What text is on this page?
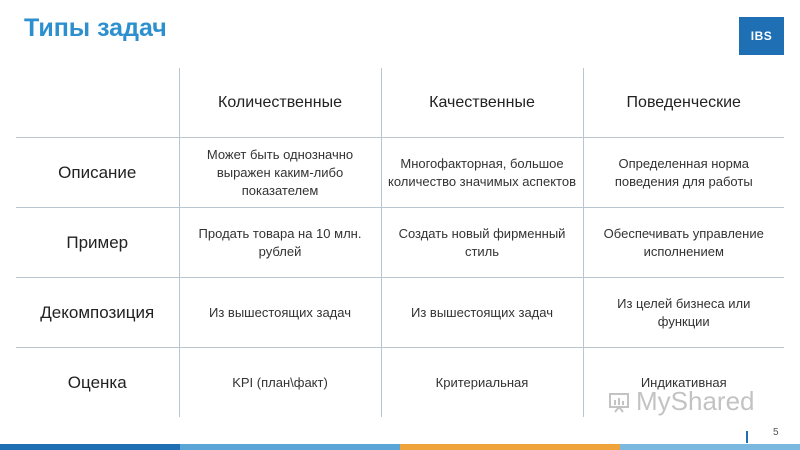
Типы задач	IBS
	Количественные	Качественные	Поведенческие
Описание	Может быть однозначно выражен каким-либо показателем	Многофакторная, большое количество значимых аспектов	Определенная норма поведения для работы
Пример	Продать товара на 10 млн. рублей	Создать новый фирменный стиль	Обеспечивать управление исполнением
Декомпозиция	Из вышестоящих задач	Из вышестоящих задач	Из целей бизнеса или функции
Оценка	KPI (план\факт)	Критериальная	Индикативная
MyShared
5
